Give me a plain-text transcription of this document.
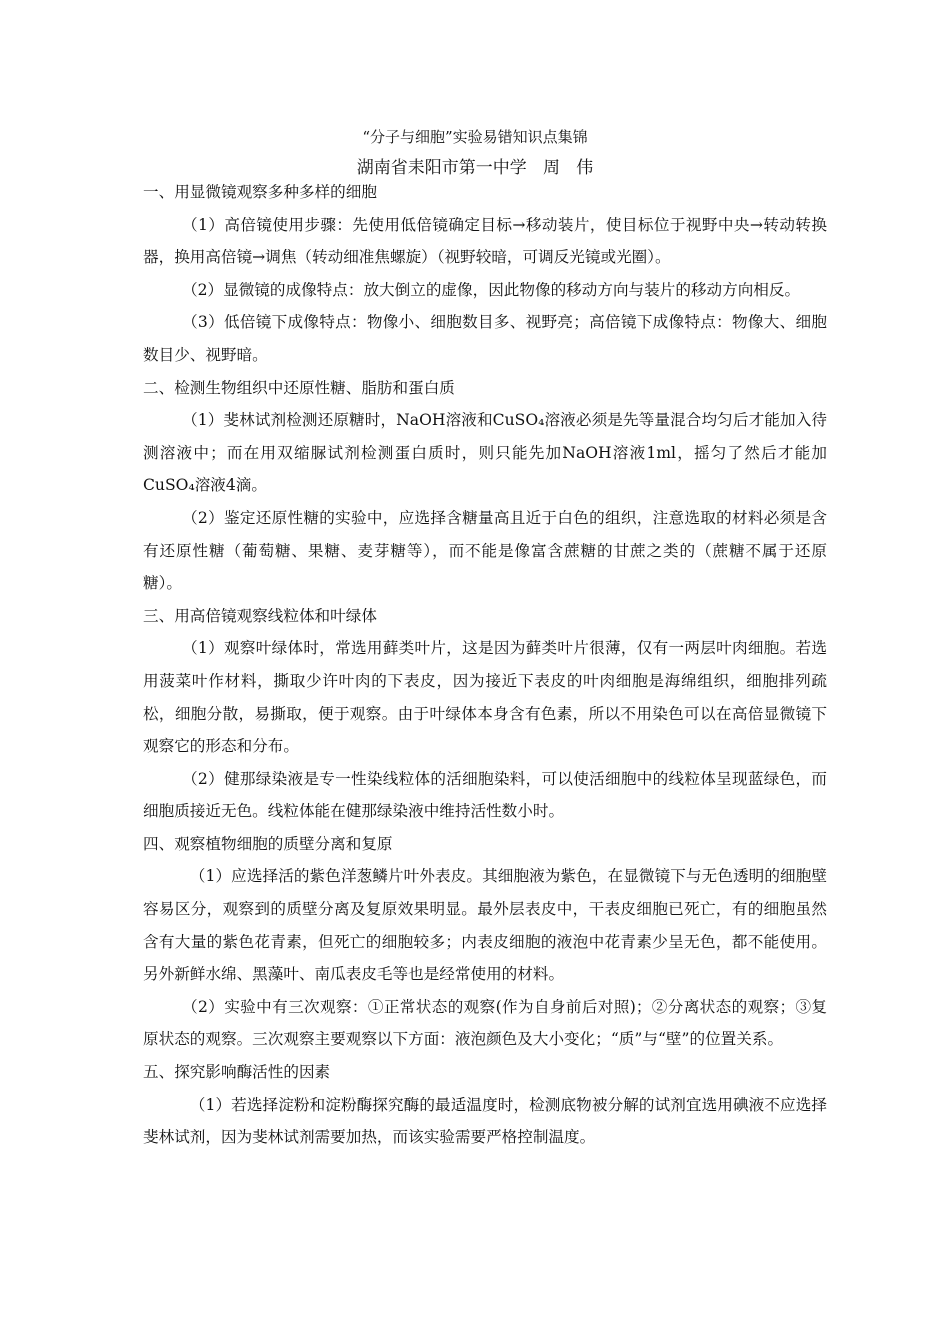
“分子与细胞”实验易错知识点集锦
湖南省耒阳市第一中学   周   伟
一、用显微镜观察多种多样的细胞
（1）高倍镜使用步骤：先使用低倍镜确定目标→移动装片，使目标位于视野中央→转动转换器，换用高倍镜→调焦（转动细准焦螺旋）（视野较暗，可调反光镜或光圈）。
（2）显微镜的成像特点：放大倒立的虚像，因此物像的移动方向与装片的移动方向相反。
（3）低倍镜下成像特点：物像小、细胞数目多、视野亮；高倍镜下成像特点：物像大、细胞数目少、视野暗。
二、检测生物组织中还原性糖、脂肪和蛋白质
（1）斐林试剂检测还原糖时，NaOH溶液和CuSO₄溶液必须是先等量混合均匀后才能加入待测溶液中；而在用双缩脲试剂检测蛋白质时，则只能先加NaOH溶液1ml，摇匀了然后才能加CuSO₄溶液4滴。
（2）鉴定还原性糖的实验中，应选择含糖量高且近于白色的组织，注意选取的材料必须是含有还原性糖（葡萄糖、果糖、麦芽糖等），而不能是像富含蔗糖的甘蔗之类的（蔗糖不属于还原糖）。
三、用高倍镜观察线粒体和叶绿体
（1）观察叶绿体时，常选用藓类叶片，这是因为藓类叶片很薄，仅有一两层叶肉细胞。若选用菠菜叶作材料，撕取少许叶肉的下表皮，因为接近下表皮的叶肉细胞是海绵组织，细胞排列疏松，细胞分散，易撕取，便于观察。由于叶绿体本身含有色素，所以不用染色可以在高倍显微镜下观察它的形态和分布。
（2）健那绿染液是专一性染线粒体的活细胞染料，可以使活细胞中的线粒体呈现蓝绿色，而细胞质接近无色。线粒体能在健那绿染液中维持活性数小时。
四、观察植物细胞的质壁分离和复原
（1）应选择活的紫色洋葱鳞片叶外表皮。其细胞液为紫色，在显微镜下与无色透明的细胞壁容易区分，观察到的质壁分离及复原效果明显。最外层表皮中，干表皮细胞已死亡，有的细胞虽然含有大量的紫色花青素，但死亡的细胞较多；内表皮细胞的液泡中花青素少呈无色，都不能使用。另外新鲜水绵、黑藻叶、南瓜表皮毛等也是经常使用的材料。
（2）实验中有三次观察：①正常状态的观察(作为自身前后对照)；②分离状态的观察；③复原状态的观察。三次观察主要观察以下方面：液泡颜色及大小变化；“质”与“壁”的位置关系。
五、探究影响酶活性的因素
（1）若选择淀粉和淀粉酶探究酶的最适温度时，检测底物被分解的试剂宜选用碘液不应选择斐林试剂，因为斐林试剂需要加热，而该实验需要严格控制温度。
